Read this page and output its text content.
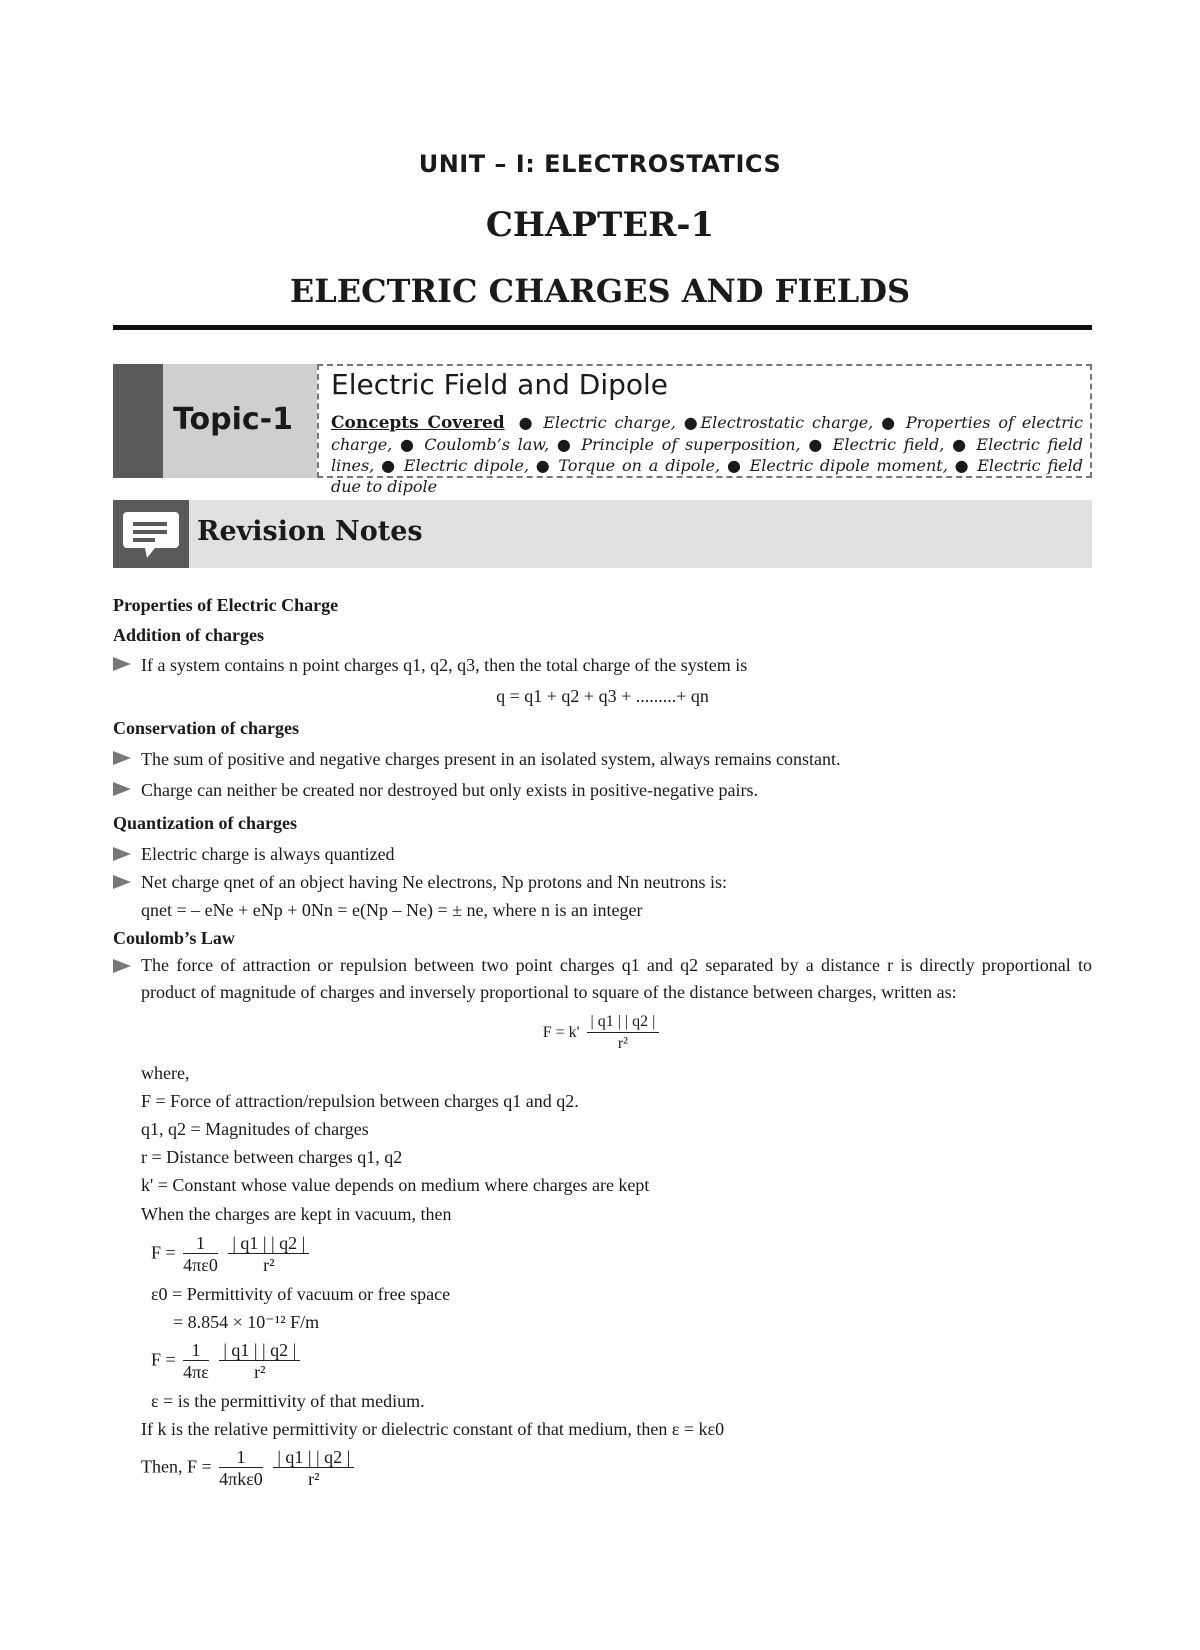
UNIT – I: ELECTROSTATICS
CHAPTER-1
ELECTRIC CHARGES AND FIELDS
Topic-1
Electric Field and Dipole
Concepts Covered ● Electric charge, ●Electrostatic charge, ● Properties of electric charge, ● Coulomb’s law, ● Principle of superposition, ● Electric field, ● Electric field lines, ● Electric dipole, ● Torque on a dipole, ● Electric dipole moment, ● Electric field due to dipole
Revision Notes

Properties of Electric Charge

Addition of charges

If a system contains n point charges q1, q2, q3, then the total charge of the system is

q = q1 + q2 + q3 + .........+ qn

Conservation of charges

The sum of positive and negative charges present in an isolated system, always remains constant.

Charge can neither be created nor destroyed but only exists in positive-negative pairs.

Quantization of charges

Electric charge is always quantized

Net charge qnet of an object having Ne electrons, Np protons and Nn neutrons is:

qnet = – eNe + eNp + 0Nn = e(Np – Ne) = ± ne, where n is an integer

Coulomb’s Law

The force of attraction or repulsion between two point charges q1 and q2 separated by a distance r is directly proportional to product of magnitude of charges and inversely proportional to square of the distance between charges, written as:

$F = k' \frac{| q1 | | q2 |}{\text{r²}}$

where,

F = Force of attraction/repulsion between charges q1 and q2.

q1, q2 = Magnitudes of charges

r = Distance between charges q1, q2

k' = Constant whose value depends on medium where charges are kept

When the charges are kept in vacuum, then

$F = \frac{1}{4\pi\varepsilon 0}$
$\frac{| q1 | | q2 |}{\text{r²}}$

ε0 = Permittivity of vacuum or free space

= 8.854 × 10⁻¹² F/m

$F = \frac{1}{4\pi\varepsilon}$
$\frac{| q1 | | q2 |}{\text{r²}}$

ε = is the permittivity of that medium.

If k is the relative permittivity or dielectric constant of that medium, then ε = kε0

Then, $F = \frac{1}{\text{4πkε0}}$
$\frac{| q1 | | q2 |}{\text{r²}}$
